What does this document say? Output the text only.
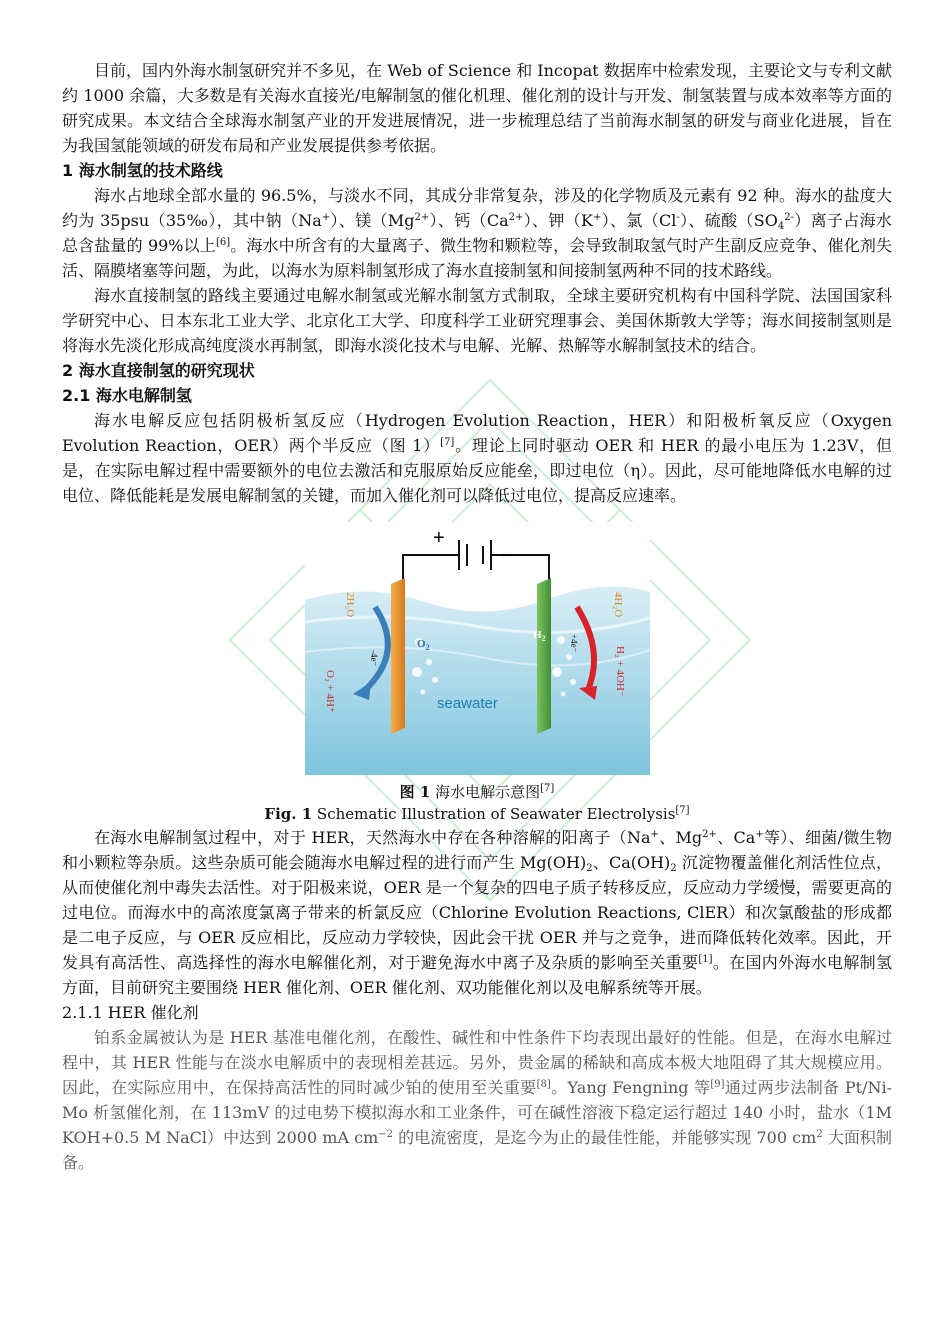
目前，国内外海水制氢研究并不多见，在 Web of Science 和 Incopat 数据库中检索发现，主要论文与专利文献约 1000 余篇，大多数是有关海水直接光/电解制氢的催化机理、催化剂的设计与开发、制氢装置与成本效率等方面的研究成果。本文结合全球海水制氢产业的开发进展情况，进一步梳理总结了当前海水制氢的研发与商业化进展，旨在为我国氢能领域的研发布局和产业发展提供参考依据。

1 海水制氢的技术路线

海水占地球全部水量的 96.5%，与淡水不同，其成分非常复杂，涉及的化学物质及元素有 92 种。海水的盐度大约为 35psu（35‰），其中钠（Na+）、镁$(Mg^{2+})$、钙$(Ca^{2+})$、钾（K+）、氯（Cl-）、硫酸$(SO_4^{2-})$离子占海水总含盐量的 99%以上[6]。海水中所含有的大量离子、微生物和颗粒等，会导致制取氢气时产生副反应竞争、催化剂失活、隔膜堵塞等问题，为此，以海水为原料制氢形成了海水直接制氢和间接制氢两种不同的技术路线。

海水直接制氢的路线主要通过电解水制氢或光解水制氢方式制取，全球主要研究机构有中国科学院、法国国家科学研究中心、日本东北工业大学、北京化工大学、印度科学工业研究理事会、美国休斯敦大学等；海水间接制氢则是将海水先淡化形成高纯度淡水再制氢，即海水淡化技术与电解、光解、热解等水解制氢技术的结合。

2 海水直接制氢的研究现状
2.1 海水电解制氢

海水电解反应包括阴极析氢反应（Hydrogen Evolution Reaction，HER）和阳极析氧反应（Oxygen Evolution Reaction，OER）两个半反应（图 1）[7]。理论上同时驱动 OER 和 HER 的最小电压为 1.23V，但是，在实际电解过程中需要额外的电位去激活和克服原始反应能垒，即过电位（η）。因此，尽可能地降低水电解的过电位、降低能耗是发展电解制氢的关键，而加入催化剂可以降低过电位，提高反应速率。

+
−
$O_2$
$H_2$
seawater
2H₂O
-4e⁻
O₂ + 4H⁺
4H₂O
+4e⁻
H₂ + 4OH⁻
图 1 海水电解示意图[7]
Fig. 1 Schematic Illustration of Seawater Electrolysis[7]

在海水电解制氢过程中，对于 HER，天然海水中存在各种溶解的阳离子（Na+、$Mg^{2+}$、Ca+等）、细菌/微生物和小颗粒等杂质。这些杂质可能会随海水电解过程的进行而产生 $Mg(OH)_2$、$Ca(OH)_2$ 沉淀物覆盖催化剂活性位点，从而使催化剂中毒失去活性。对于阳极来说，OER 是一个复杂的四电子质子转移反应，反应动力学缓慢，需要更高的过电位。而海水中的高浓度氯离子带来的析氯反应（Chlorine Evolution Reactions, ClER）和次氯酸盐的形成都是二电子反应，与 OER 反应相比，反应动力学较快，因此会干扰 OER 并与之竞争，进而降低转化效率。因此，开发具有高活性、高选择性的海水电解催化剂，对于避免海水中离子及杂质的影响至关重要[1]。在国内外海水电解制氢方面，目前研究主要围绕 HER 催化剂、OER 催化剂、双功能催化剂以及电解系统等开展。

2.1.1 HER 催化剂

铂系金属被认为是 HER 基准电催化剂，在酸性、碱性和中性条件下均表现出最好的性能。但是，在海水电解过程中，其 HER 性能与在淡水电解质中的表现相差甚远。另外，贵金属的稀缺和高成本极大地阻碍了其大规模应用。因此，在实际应用中，在保持高活性的同时减少铂的使用至关重要[8]。Yang Fengning 等[9]通过两步法制备 Pt/Ni-Mo 析氢催化剂，在 113mV 的过电势下模拟海水和工业条件，可在碱性溶液下稳定运行超过 140 小时，盐水（1M KOH+0.5 M NaCl）中达到 2000 mA $cm^{-2}$ 的电流密度，是迄今为止的最佳性能，并能够实现 700 $cm^2$ 大面积制备。
